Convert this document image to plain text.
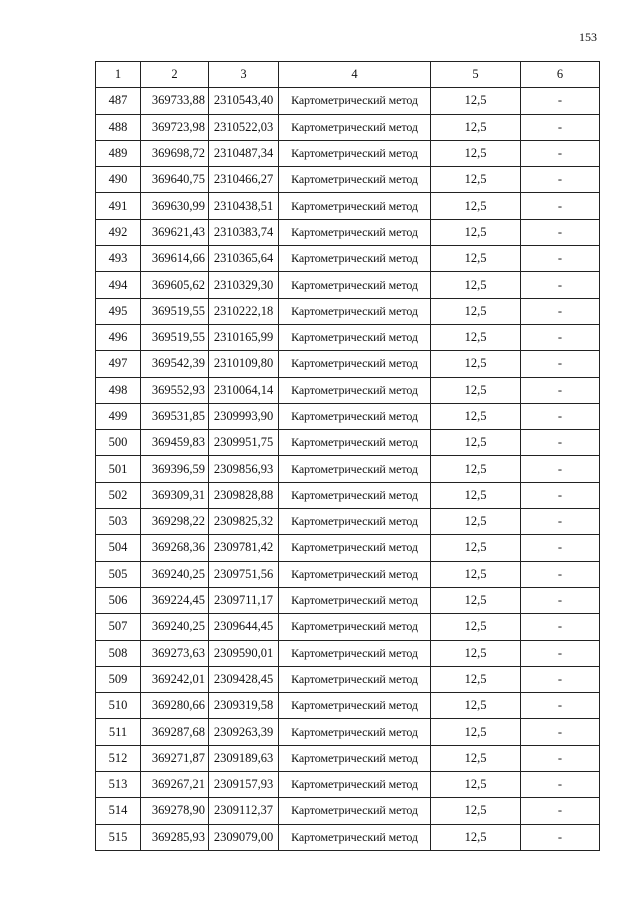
153
1	2	3	4	5	6
487	369733,88	2310543,40	Картометрический метод	12,5	-
488	369723,98	2310522,03	Картометрический метод	12,5	-
489	369698,72	2310487,34	Картометрический метод	12,5	-
490	369640,75	2310466,27	Картометрический метод	12,5	-
491	369630,99	2310438,51	Картометрический метод	12,5	-
492	369621,43	2310383,74	Картометрический метод	12,5	-
493	369614,66	2310365,64	Картометрический метод	12,5	-
494	369605,62	2310329,30	Картометрический метод	12,5	-
495	369519,55	2310222,18	Картометрический метод	12,5	-
496	369519,55	2310165,99	Картометрический метод	12,5	-
497	369542,39	2310109,80	Картометрический метод	12,5	-
498	369552,93	2310064,14	Картометрический метод	12,5	-
499	369531,85	2309993,90	Картометрический метод	12,5	-
500	369459,83	2309951,75	Картометрический метод	12,5	-
501	369396,59	2309856,93	Картометрический метод	12,5	-
502	369309,31	2309828,88	Картометрический метод	12,5	-
503	369298,22	2309825,32	Картометрический метод	12,5	-
504	369268,36	2309781,42	Картометрический метод	12,5	-
505	369240,25	2309751,56	Картометрический метод	12,5	-
506	369224,45	2309711,17	Картометрический метод	12,5	-
507	369240,25	2309644,45	Картометрический метод	12,5	-
508	369273,63	2309590,01	Картометрический метод	12,5	-
509	369242,01	2309428,45	Картометрический метод	12,5	-
510	369280,66	2309319,58	Картометрический метод	12,5	-
511	369287,68	2309263,39	Картометрический метод	12,5	-
512	369271,87	2309189,63	Картометрический метод	12,5	-
513	369267,21	2309157,93	Картометрический метод	12,5	-
514	369278,90	2309112,37	Картометрический метод	12,5	-
515	369285,93	2309079,00	Картометрический метод	12,5	-
